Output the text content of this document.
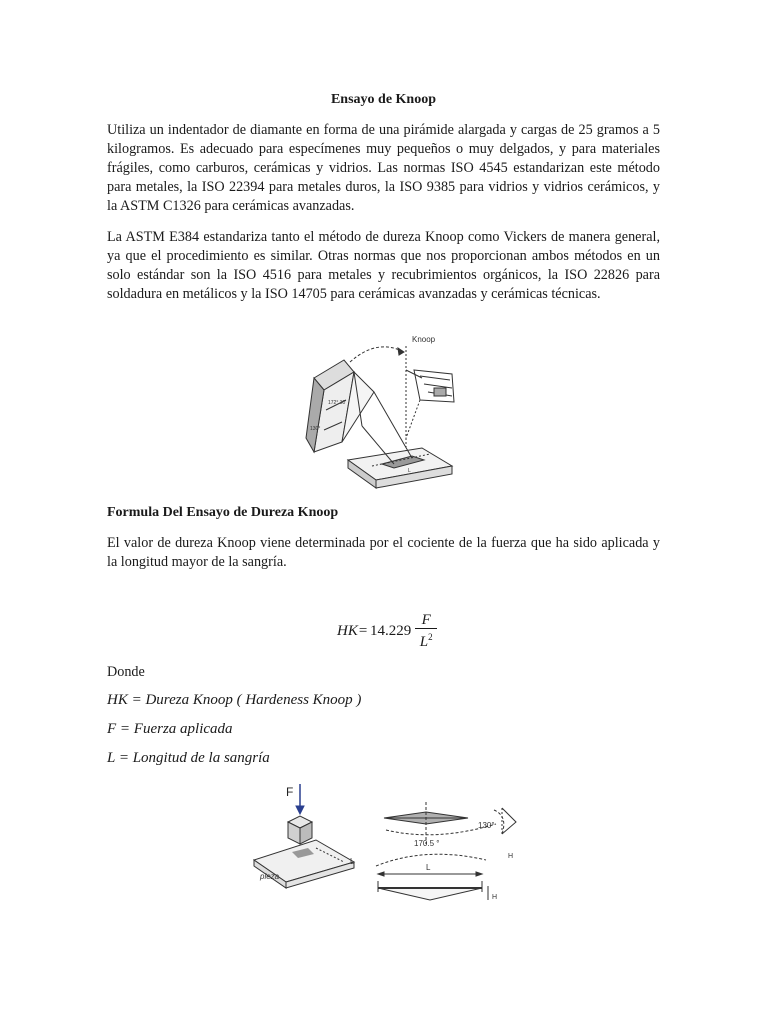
Ensayo de Knoop

Utiliza un indentador de diamante en forma de una pirámide alargada y cargas de 25 gramos a 5 kilogramos. Es adecuado para especímenes muy pequeños o muy delgados, y para materiales frágiles, como carburos, cerámicas y vidrios. Las normas ISO 4545 estandarizan este método para metales, la ISO 22394 para metales duros, la ISO 9385 para vidrios y vidrios cerámicos, y la ASTM C1326 para cerámicas avanzadas.

La ASTM E384 estandariza tanto el método de dureza Knoop como Vickers de manera general, ya que el procedimiento es similar. Otras normas que nos proporcionan ambos métodos en un solo estándar son la ISO 4516 para metales y recubrimientos orgánicos, la ISO 22826 para soldadura en metálicos y la ISO 14705 para cerámicas avanzadas y cerámicas técnicas.

Formula Del Ensayo de Dureza Knoop

El valor de dureza Knoop viene determinada por el cociente de la fuerza que ha sido aplicada y la longitud mayor de la sangría.

HK = $14.229 \frac{F}{L^2}$
Donde
HK = Dureza Knoop ( Hardeness Knoop )
F = Fuerza aplicada
L = Longitud de la sangría
Knoop
172° 30'
130°
L
F
pieza
L
130°
170.5 °
L
H
H
